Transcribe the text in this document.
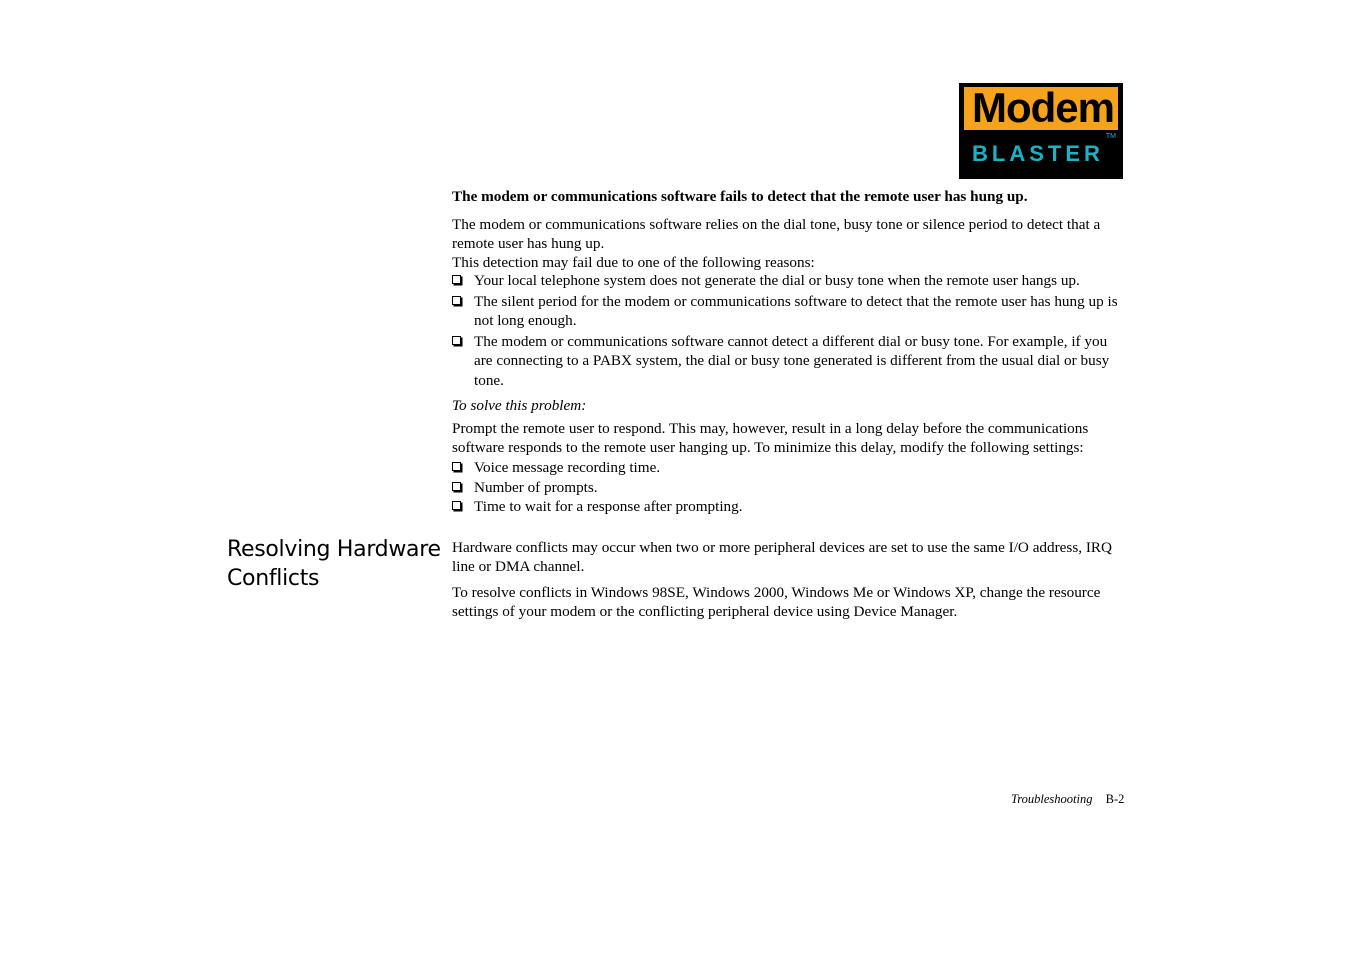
Modem
BLASTER
TM
The modem or communications software fails to detect that the remote user has hung up.
The modem or communications software relies on the dial tone, busy tone or silence period to detect that a remote user has hung up.
This detection may fail due to one of the following reasons:
Your local telephone system does not generate the dial or busy tone when the remote user hangs up.
The silent period for the modem or communications software to detect that the remote user has hung up is not long enough.
The modem or communications software cannot detect a different dial or busy tone. For example, if you are connecting to a PABX system, the dial or busy tone generated is different from the usual dial or busy tone.
To solve this problem:
Prompt the remote user to respond. This may, however, result in a long delay before the communications software responds to the remote user hanging up. To minimize this delay, modify the following settings:
Voice message recording time.
Number of prompts.
Time to wait for a response after prompting.
Resolving Hardware Conflicts
Hardware conflicts may occur when two or more peripheral devices are set to use the same I/O address, IRQ line or DMA channel.
To resolve conflicts in Windows 98SE, Windows 2000, Windows Me or Windows XP, change the resource settings of your modem or the conflicting peripheral device using Device Manager.
Troubleshooting B-2
